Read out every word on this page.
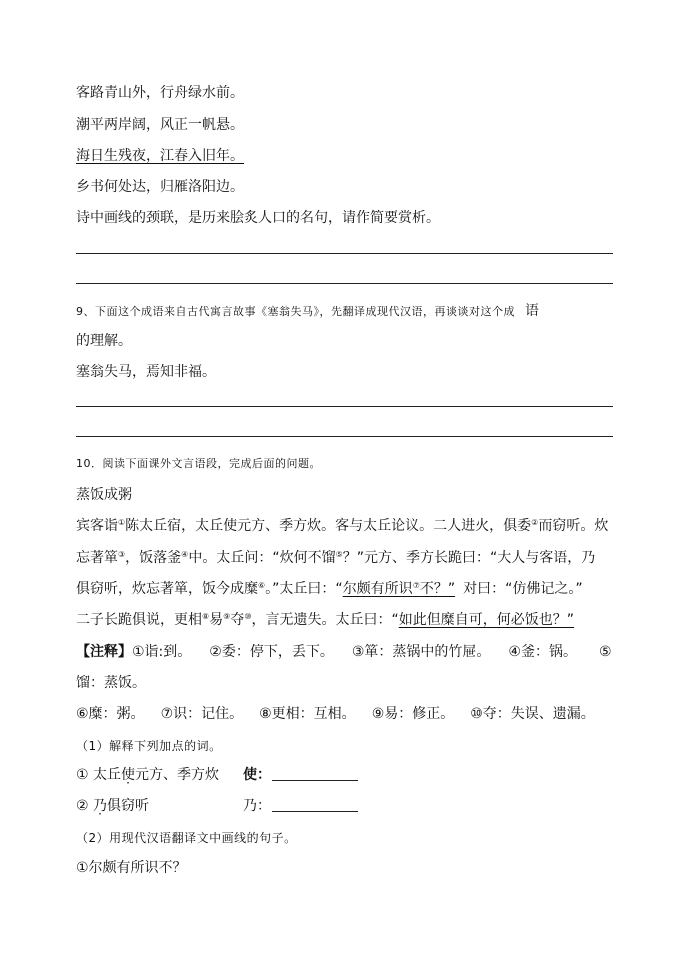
客路青山外，行舟绿水前。
潮平两岸阔，风正一帆悬。
海日生残夜，江春入旧年。
乡书何处达，归雁洛阳边。
诗中画线的颈联，是历来脍炙人口的名句，请作简要赏析。
9、下面这个成语来自古代寓言故事《塞翁失马》，先翻译成现代汉语，再谈谈对这个成 语
的理解。
塞翁失马，焉知非福。
10．阅读下面课外文言语段，完成后面的问题。
蒸饭成粥
宾客诣①陈太丘宿，太丘使元方、季方炊。客与太丘论议。二人进火，俱委②而窃听。炊
忘著箪③，饭落釜④中。太丘问：“炊何不馏⑤？”元方、季方长跪曰：“大人与客语，乃
俱窃听，炊忘著箪，饭今成糜⑥。”太丘曰：“尔颇有所识⑦不？” 对曰：“仿佛记之。”
二子长跪俱说，更相⑧易⑨夺⑩，言无遗失。太丘曰：“如此但糜自可，何必饭也？”
【注释】①诣:到。 ②委：停下，丢下。 ③箪：蒸锅中的竹屉。 ④釜：锅。 ⑤
馏：蒸饭。
⑥糜：粥。 ⑦识：记住。 ⑧更相：互相。 ⑨易：修正。 ⑩夺：失误、遗漏。
（1）解释下列加点的词。
① 太丘使元方、季方炊 使：
② 乃俱窃听	乃：
（2）用现代汉语翻译文中画线的句子。
①尔颇有所识不？
